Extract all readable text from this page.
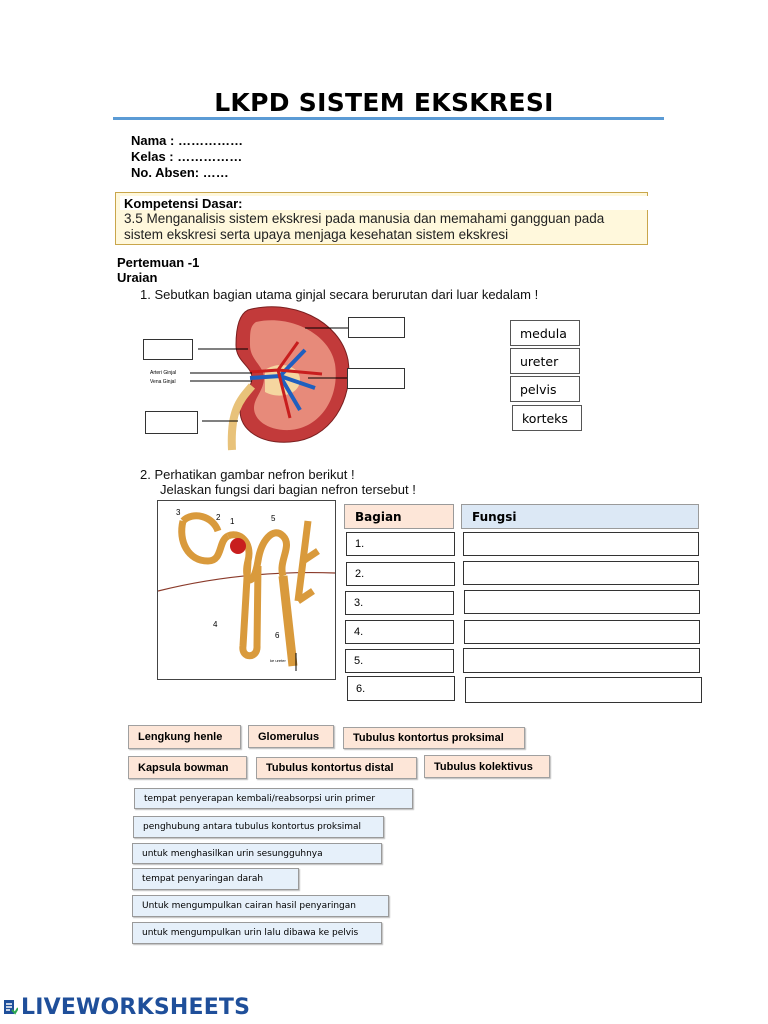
LKPD SISTEM EKSKRESI
Nama : ……………
Kelas : ……………
No. Absen: ……
Kompetensi Dasar:
3.5 Menganalisis sistem ekskresi pada manusia dan memahami gangguan pada sistem ekskresi serta upaya menjaga kesehatan sistem ekskresi
Pertemuan -1
Uraian
1. Sebutkan bagian utama ginjal secara berurutan dari luar kedalam !
Arteri Ginjal
Vena Ginjal
medula
ureter
pelvis
korteks
2. Perhatikan gambar nefron berikut !
Jelaskan fungsi dari bagian nefron tersebut !
3
2 1	5
4
6
ke ureter
Bagian	Fungsi
1.
2.
3.
4.
5.
6.
Lengkung henle	Glomerulus	Tubulus kontortus proksimal
Kapsula bowman	Tubulus kontortus distal	Tubulus kolektivus
tempat penyerapan kembali/reabsorpsi urin primer
penghubung antara tubulus kontortus proksimal
untuk menghasilkan urin sesungguhnya
tempat penyaringan darah
Untuk mengumpulkan cairan hasil penyaringan
untuk mengumpulkan urin lalu dibawa ke pelvis
LIVEWORKSHEETS
